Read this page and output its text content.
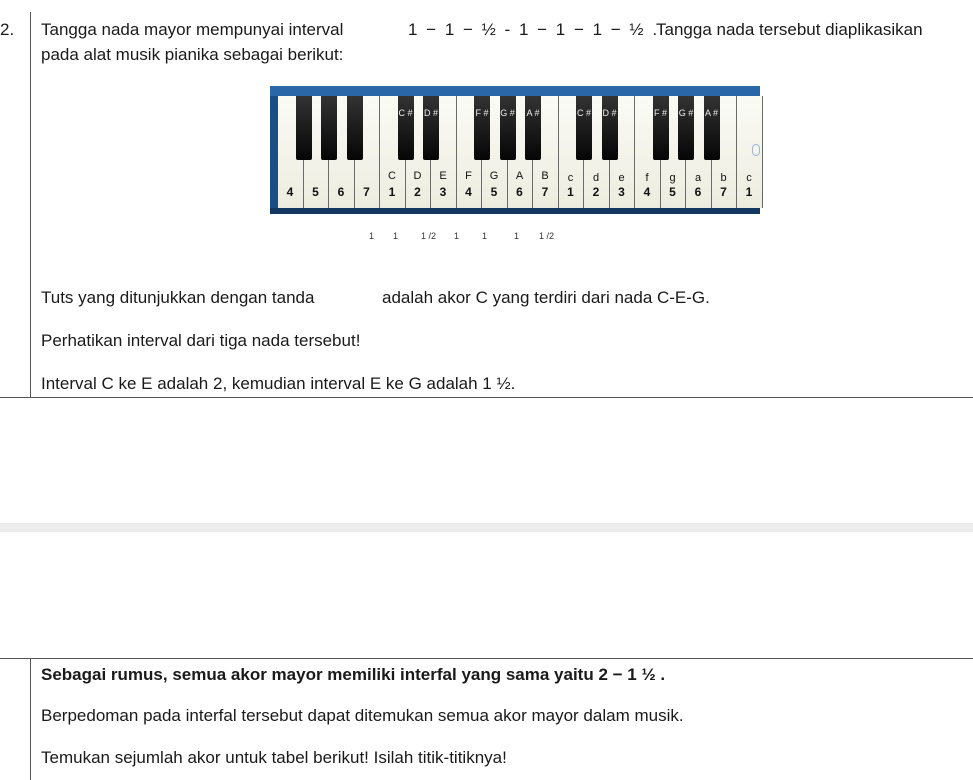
2. Tangga nada mayor mempunyai interval	1 − 1 − ½ - 1 − 1 − 1 − ½ .
Tangga nada tersebut diaplikasikan
pada alat musik pianika sebagai berikut:
4	5	6	7
C
1
D
2
E
3
F
4
G
5
A
6
B
7
c
1
d
2
e
3
f
4
g
5
a
6
b
7
c
1
C #	D #	F #	G #	A #	C #	D #	F #	G #	A #
1 1	1 /2 1	1	1 1 /2
Tuts yang ditunjukkan dengan tanda	adalah akor C yang terdiri dari nada C-E-G.
Perhatikan interval dari tiga nada tersebut!
Interval C ke E adalah 2, kemudian interval E ke G adalah 1 ½.
Sebagai rumus, semua akor mayor memiliki interfal yang sama yaitu 2 − 1 ½ .
Berpedoman pada interfal tersebut dapat ditemukan semua akor mayor dalam musik.
Temukan sejumlah akor untuk tabel berikut! Isilah titik-titiknya!
